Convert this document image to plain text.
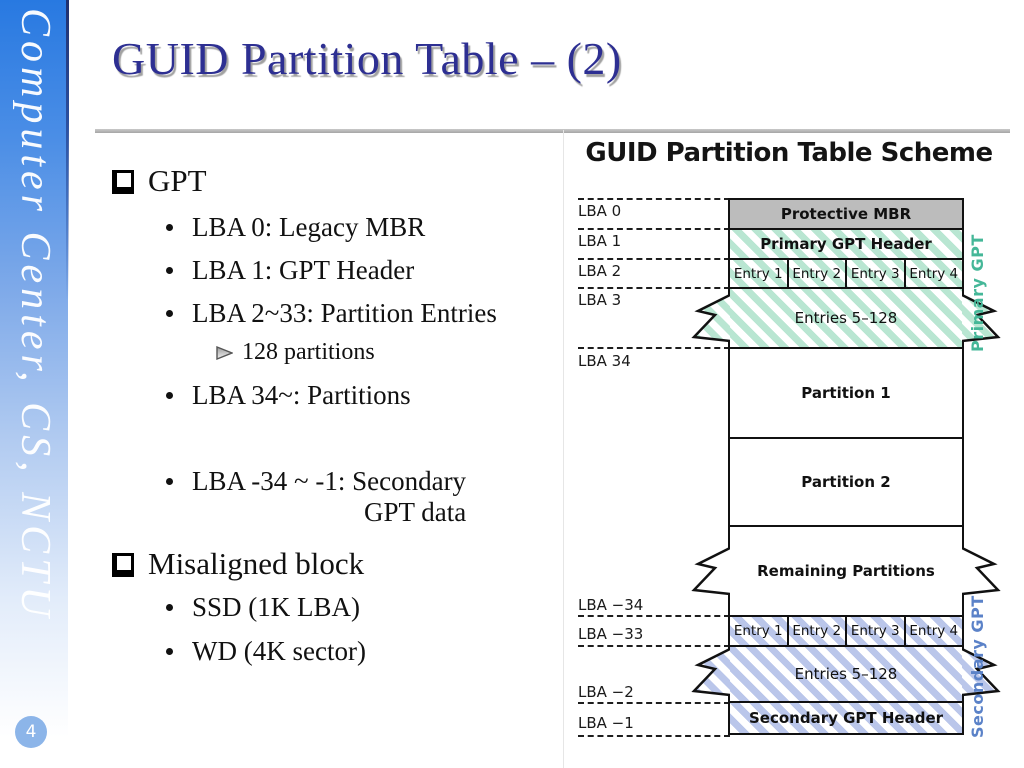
Computer Center, CS, NCTU
4
GUID Partition Table – (2)
GPT
LBA 0: Legacy MBR
LBA 1: GPT Header
LBA 2~33: Partition Entries
128 partitions
LBA 34~: Partitions
LBA -34 ~ -1: Secondary
GPT data
Misaligned block
SSD (1K LBA)
WD (4K sector)
GUID Partition Table Scheme
LBA 0
LBA 1
LBA 2
LBA 3
LBA 34
LBA −34
LBA −33
LBA −2
LBA −1
Protective MBR
Primary GPT Header
Entry 1 Entry 2 Entry 3 Entry 4
Entries 5–128
Partition 1
Partition 2
Remaining Partitions
Entry 1 Entry 2 Entry 3 Entry 4
Entries 5–128
Secondary GPT Header
Primary GPT
Secondary GPT
